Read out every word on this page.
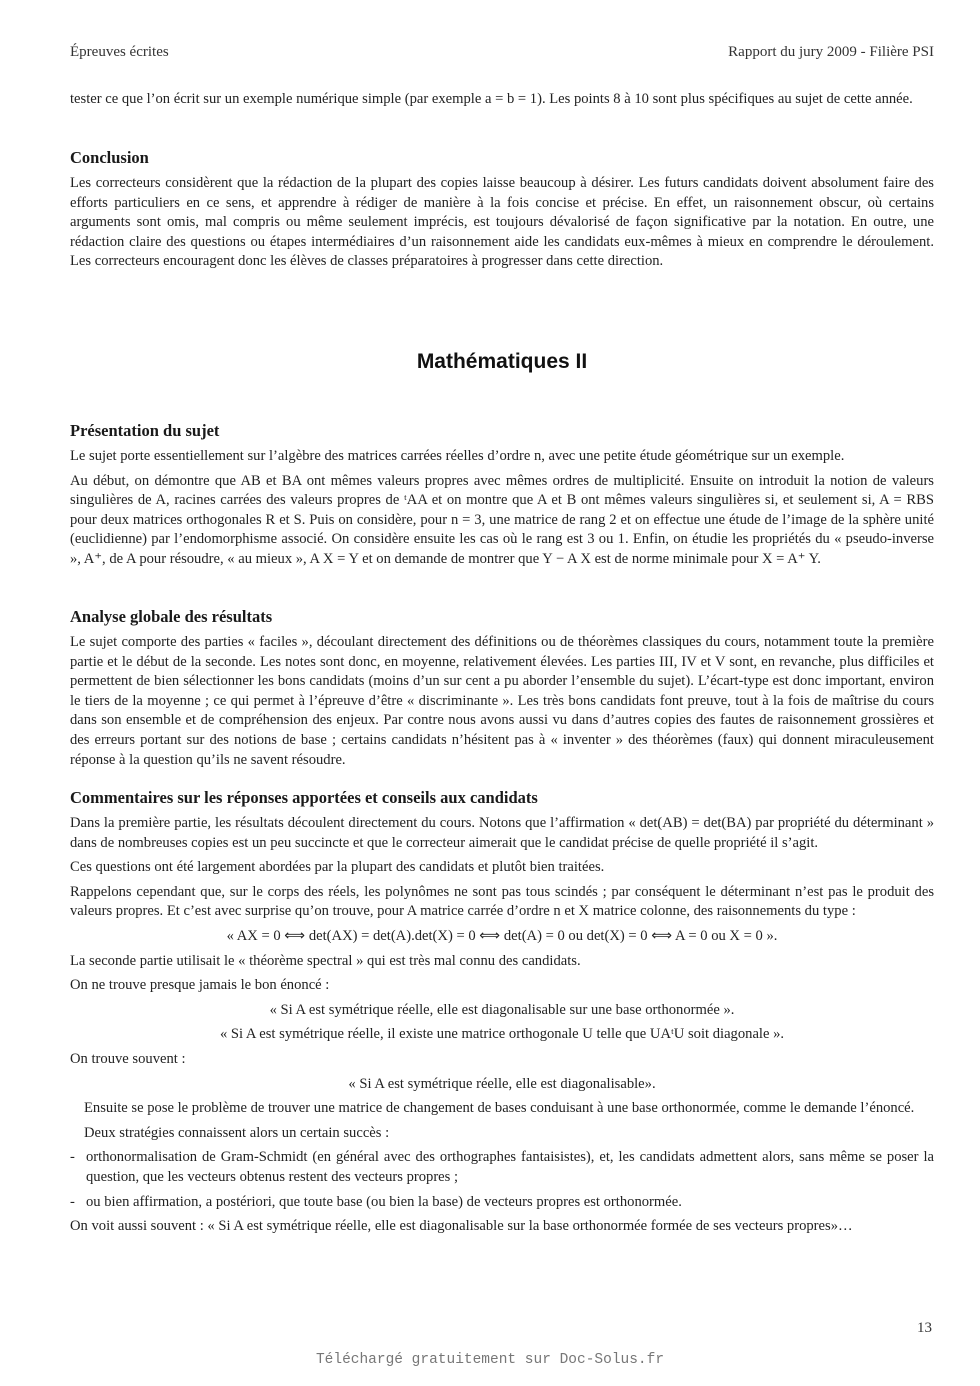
Épreuves écrites	Rapport du jury 2009 - Filière PSI

tester ce que l’on écrit sur un exemple numérique simple (par exemple a = b = 1). Les points 8 à 10 sont plus spécifiques au sujet de cette année.

Conclusion

Les correcteurs considèrent que la rédaction de la plupart des copies laisse beaucoup à désirer. Les futurs candidats doivent absolument faire des efforts particuliers en ce sens, et apprendre à rédiger de manière à la fois concise et précise. En effet, un raisonnement obscur, où certains arguments sont omis, mal compris ou même seulement imprécis, est toujours dévalorisé de façon significative par la notation. En outre, une rédaction claire des questions ou étapes intermédiaires d’un raisonnement aide les candidats eux-mêmes à mieux en comprendre le déroulement. Les correcteurs encouragent donc les élèves de classes préparatoires à progresser dans cette direction.

Mathématiques II
Présentation du sujet

Le sujet porte essentiellement sur l’algèbre des matrices carrées réelles d’ordre n, avec une petite étude géométrique sur un exemple.

Au début, on démontre que AB et BA ont mêmes valeurs propres avec mêmes ordres de multiplicité. Ensuite on introduit la notion de valeurs singulières de A, racines carrées des valeurs propres de ᵗAA et on montre que A et B ont mêmes valeurs singulières si, et seulement si, A = RBS pour deux matrices orthogonales R et S. Puis on considère, pour n = 3, une matrice de rang 2 et on effectue une étude de l’image de la sphère unité (euclidienne) par l’endomorphisme associé. On considère ensuite les cas où le rang est 3 ou 1. Enfin, on étudie les propriétés du « pseudo-inverse », A⁺, de A pour résoudre, « au mieux », A X = Y et on demande de montrer que Y − A X est de norme minimale pour X = A⁺ Y.

Analyse globale des résultats

Le sujet comporte des parties « faciles », découlant directement des définitions ou de théorèmes classiques du cours, notamment toute la première partie et le début de la seconde. Les notes sont donc, en moyenne, relativement élevées. Les parties III, IV et V sont, en revanche, plus difficiles et permettent de bien sélectionner les bons candidats (moins d’un sur cent a pu aborder l’ensemble du sujet). L’écart-type est donc important, environ le tiers de la moyenne ; ce qui permet à l’épreuve d’être « discriminante ». Les très bons candidats font preuve, tout à la fois de maîtrise du cours dans son ensemble et de compréhension des enjeux. Par contre nous avons aussi vu dans d’autres copies des fautes de raisonnement grossières et des erreurs portant sur des notions de base ; certains candidats n’hésitent pas à « inventer » des théorèmes (faux) qui donnent miraculeusement réponse à la question qu’ils ne savent résoudre.

Commentaires sur les réponses apportées et conseils aux candidats

Dans la première partie, les résultats découlent directement du cours. Notons que l’affirmation « det(AB) = det(BA) par propriété du déterminant » dans de nombreuses copies est un peu succincte et que le correcteur aimerait que le candidat précise de quelle propriété il s’agit.

Ces questions ont été largement abordées par la plupart des candidats et plutôt bien traitées.

Rappelons cependant que, sur le corps des réels, les polynômes ne sont pas tous scindés ; par conséquent le déterminant n’est pas le produit des valeurs propres. Et c’est avec surprise qu’on trouve, pour A matrice carrée d’ordre n et X matrice colonne, des raisonnements du type :

« AX = 0 ⟺ det(AX) = det(A).det(X) = 0 ⟺ det(A) = 0 ou det(X) = 0 ⟺ A = 0 ou X = 0 ».

La seconde partie utilisait le « théorème spectral » qui est très mal connu des candidats.

On ne trouve presque jamais le bon énoncé :

« Si A est symétrique réelle, elle est diagonalisable sur une base orthonormée ».

« Si A est symétrique réelle, il existe une matrice orthogonale U telle que UAᵗU soit diagonale ».

On trouve souvent :

« Si A est symétrique réelle, elle est diagonalisable».

Ensuite se pose le problème de trouver une matrice de changement de bases conduisant à une base orthonormée, comme le demande l’énoncé.

Deux stratégies connaissent alors un certain succès :

- orthonormalisation de Gram-Schmidt (en général avec des orthographes fantaisistes), et, les candidats admettent alors, sans même se poser la question, que les vecteurs obtenus restent des vecteurs propres ;

- ou bien affirmation, a postériori, que toute base (ou bien la base) de vecteurs propres est orthonormée.

On voit aussi souvent : « Si A est symétrique réelle, elle est diagonalisable sur la base orthonormée formée de ses vecteurs propres»…

13
Téléchargé gratuitement sur Doc-Solus.fr
